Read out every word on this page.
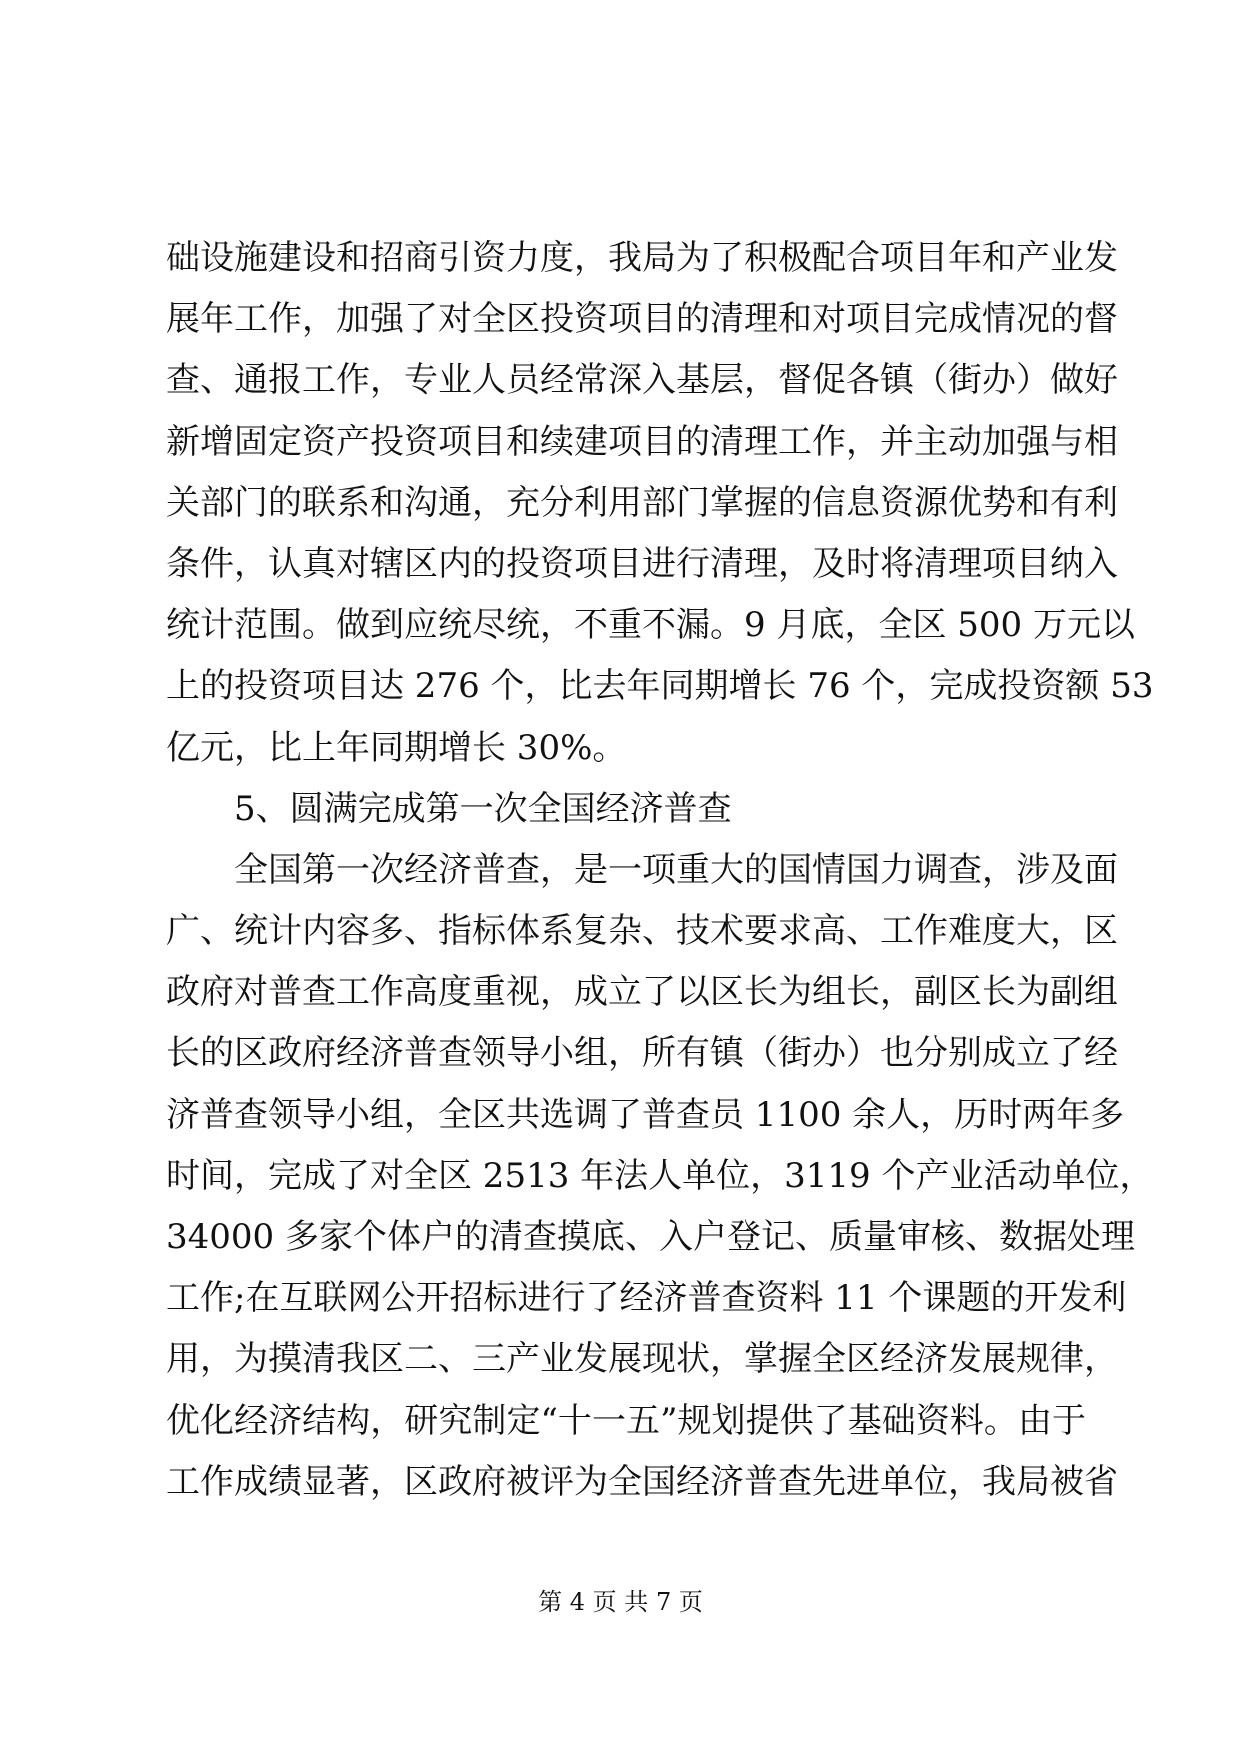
础设施建设和招商引资力度，我局为了积极配合项目年和产业发
展年工作，加强了对全区投资项目的清理和对项目完成情况的督
查、通报工作，专业人员经常深入基层，督促各镇（街办）做好
新增固定资产投资项目和续建项目的清理工作，并主动加强与相
关部门的联系和沟通，充分利用部门掌握的信息资源优势和有利
条件，认真对辖区内的投资项目进行清理，及时将清理项目纳入
统计范围。做到应统尽统，不重不漏。9 月底，全区 500 万元以
上的投资项目达 276 个，比去年同期增长 76 个，完成投资额 53
亿元，比上年同期增长 30%。
5、圆满完成第一次全国经济普查
全国第一次经济普查，是一项重大的国情国力调查，涉及面
广、统计内容多、指标体系复杂、技术要求高、工作难度大，区
政府对普查工作高度重视，成立了以区长为组长，副区长为副组
长的区政府经济普查领导小组，所有镇（街办）也分别成立了经
济普查领导小组，全区共选调了普查员 1100 余人，历时两年多
时间，完成了对全区 2513 年法人单位，3119 个产业活动单位，
34000 多家个体户的清查摸底、入户登记、质量审核、数据处理
工作;在互联网公开招标进行了经济普查资料 11 个课题的开发利
用，为摸清我区二、三产业发展现状，掌握全区经济发展规律，
优化经济结构，研究制定“十一五”规划提供了基础资料。由于
工作成绩显著，区政府被评为全国经济普查先进单位，我局被省
第 4 页 共 7 页
